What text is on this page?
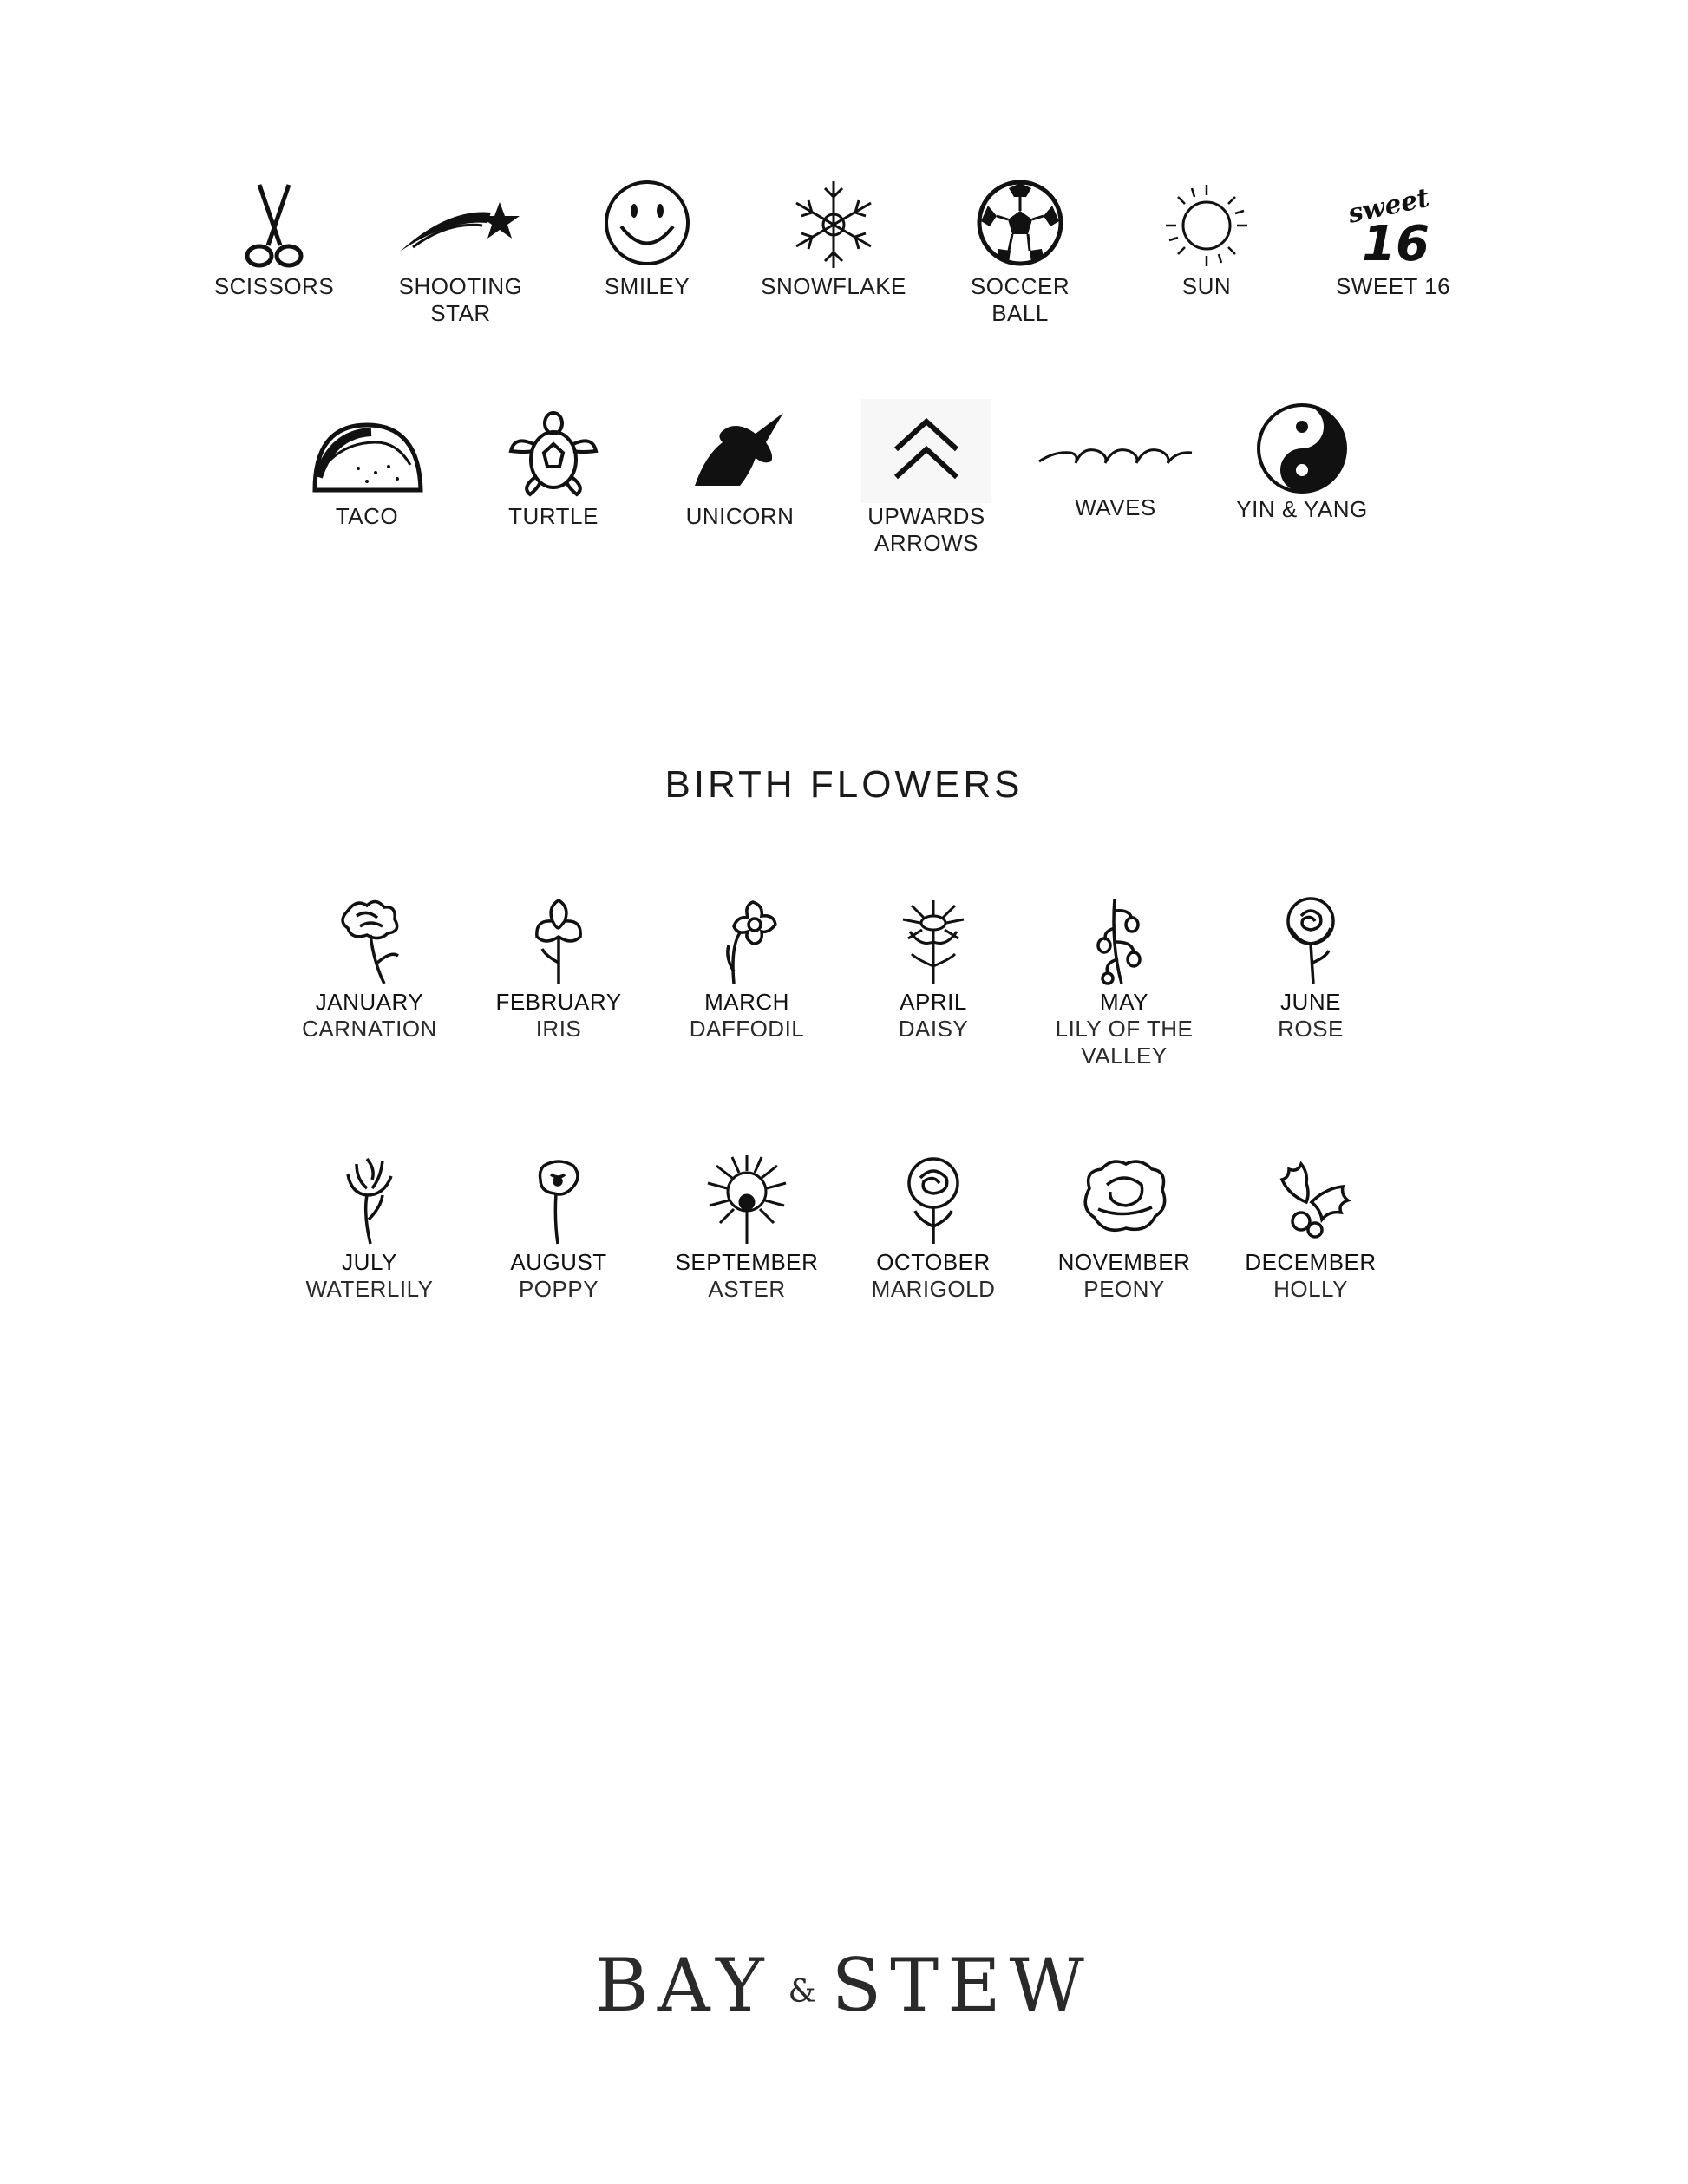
SCISSORS	SHOOTING
STAR
SMILEY	SNOWFLAKE	SOCCER BALL
SUN
sweet
16
SWEET 16
TACO	TURTLE	UNICORN	UPWARDS
ARROWS
WAVES	YIN & YANG
BIRTH FLOWERS
JANUARY
CARNATION
FEBRUARY
IRIS
MARCH
DAFFODIL
APRIL
DAISY
MAY
LILY OF THE
VALLEY
JUNE
ROSE
JULY
WATERLILY
AUGUST
POPPY
SEPTEMBER
ASTER
OCTOBER
MARIGOLD
NOVEMBER
PEONY
DECEMBER
HOLLY
BAY & STEW
